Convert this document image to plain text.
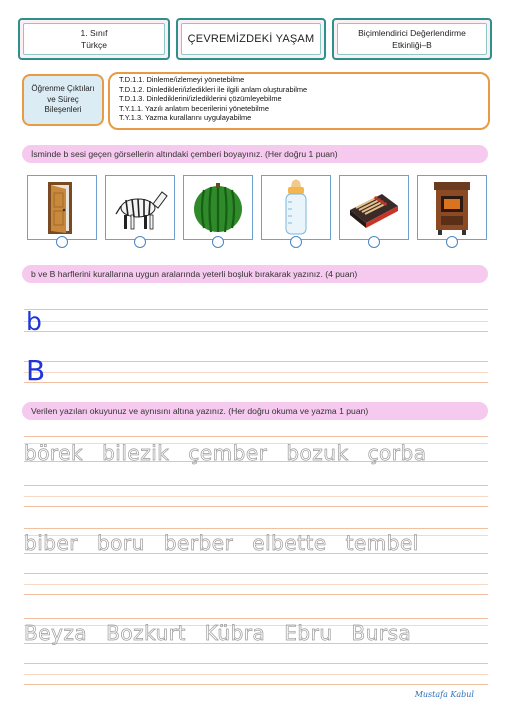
1. Sınıf
Türkçe	ÇEVREMİZDEKİ YAŞAM	Biçimlendirici Değerlendirme
Etkinliği–B
Öğrenme Çıktıları
ve Süreç
Bileşenleri
T.D.1.1. Dinleme/izlemeyi yönetebilme
T.D.1.2. Dinledikleri/izledikleri ile ilgili anlam oluşturabilme
T.D.1.3. Dinlediklerini/izlediklerini çözümleyebilme
T.Y.1.1. Yazılı anlatım becerilerini yönetebilme
T.Y.1.3. Yazma kurallarını uygulayabilme
İsminde b sesi geçen görsellerin altındaki çemberi boyayınız. (Her doğru 1 puan)
b ve B harflerini kurallarına uygun aralarında yeterli boşluk bırakarak yazınız. (4 puan)
b
B
Verilen yazıları okuyunuz ve aynısını altına yazınız. (Her doğru okuma ve yazma 1 puan)
börek bilezik çember bozuk çorba
biber boru berber elbette tembel
Beyza Bozkurt Kübra Ebru Bursa
Mustafa Kabul
